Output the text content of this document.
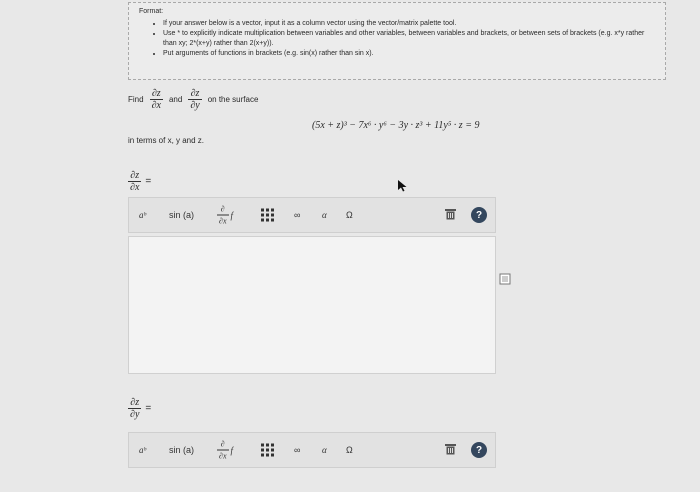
Format:
• If your answer below is a vector, input it as a column vector using the vector/matrix palette tool.
• Use * to explicitly indicate multiplication between variables and other variables, between variables and brackets, or between sets of brackets (e.g. x*y rather than xy; 2*(x+y) rather than 2(x+y)).
• Put arguments of functions in brackets (e.g. sin(x) rather than sin x).
Find $\frac{\partial z}{\partial x}$ and $\frac{\partial z}{\partial y}$ on the surface
(5x + z)³ − 7x⁶ · y⁶ − 3y · z³ + 11y⁵ · z = 9
in terms of x, y and z.
$\frac{\partial z}{\partial x}$ =
aᵇ	sin (a)	$\frac{\partial}{\partial x}$ f	∞ α Ω	?
$\frac{\partial z}{\partial y}$ =
aᵇ	sin (a)	$\frac{\partial}{\partial x}$ f	∞ α Ω	?
